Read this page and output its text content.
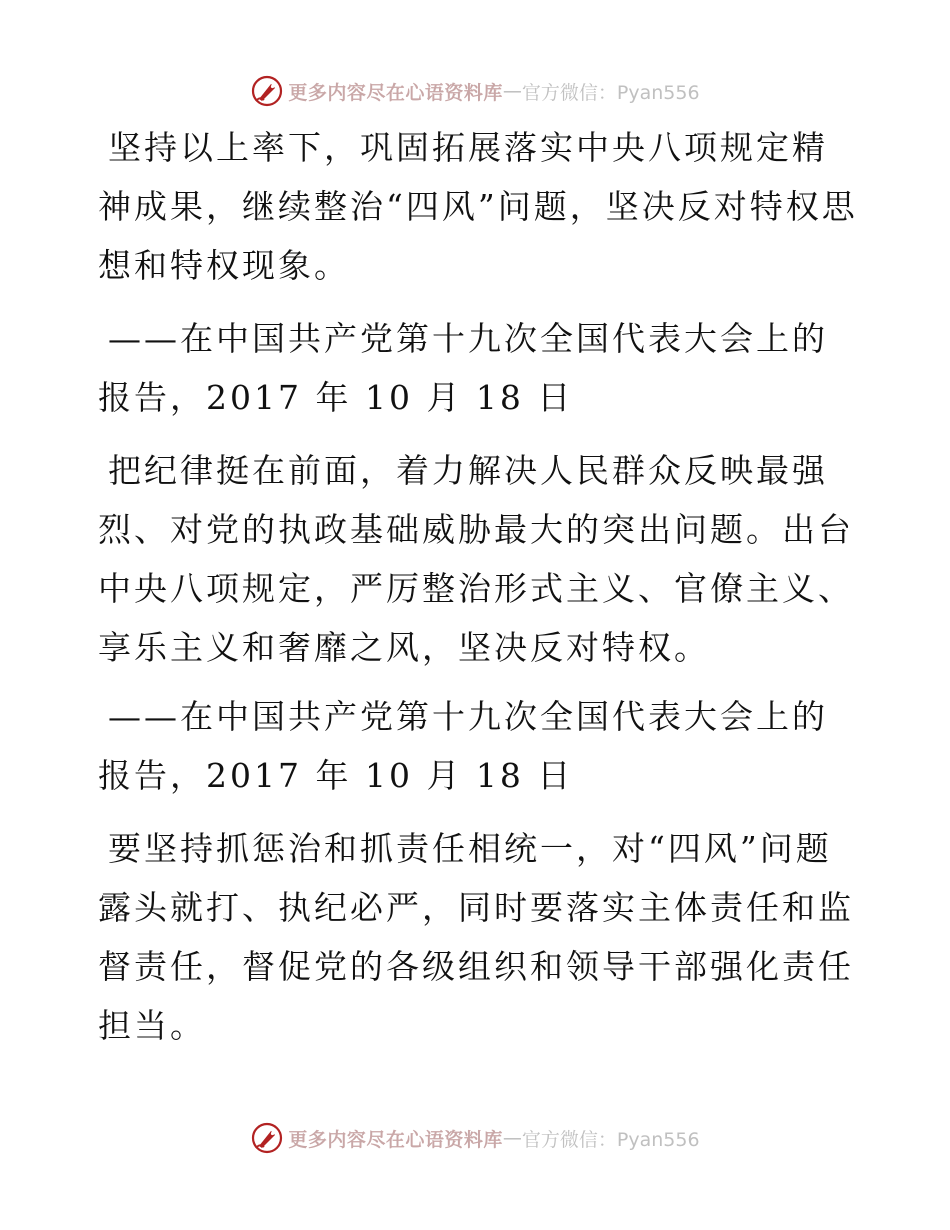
更多内容尽在心语资料库 — 官方微信：Pyan556

坚持以上率下，巩固拓展落实中央八项规定精神成果，继续整治“四风”问题，坚决反对特权思想和特权现象。

——在中国共产党第十九次全国代表大会上的报告，2017 年 10 月 18 日

把纪律挺在前面，着力解决人民群众反映最强烈、对党的执政基础威胁最大的突出问题。出台中央八项规定，严厉整治形式主义、官僚主义、享乐主义和奢靡之风，坚决反对特权。

——在中国共产党第十九次全国代表大会上的报告，2017 年 10 月 18 日

要坚持抓惩治和抓责任相统一，对“四风”问题露头就打、执纪必严，同时要落实主体责任和监督责任，督促党的各级组织和领导干部强化责任担当。

更多内容尽在心语资料库 — 官方微信：Pyan556
